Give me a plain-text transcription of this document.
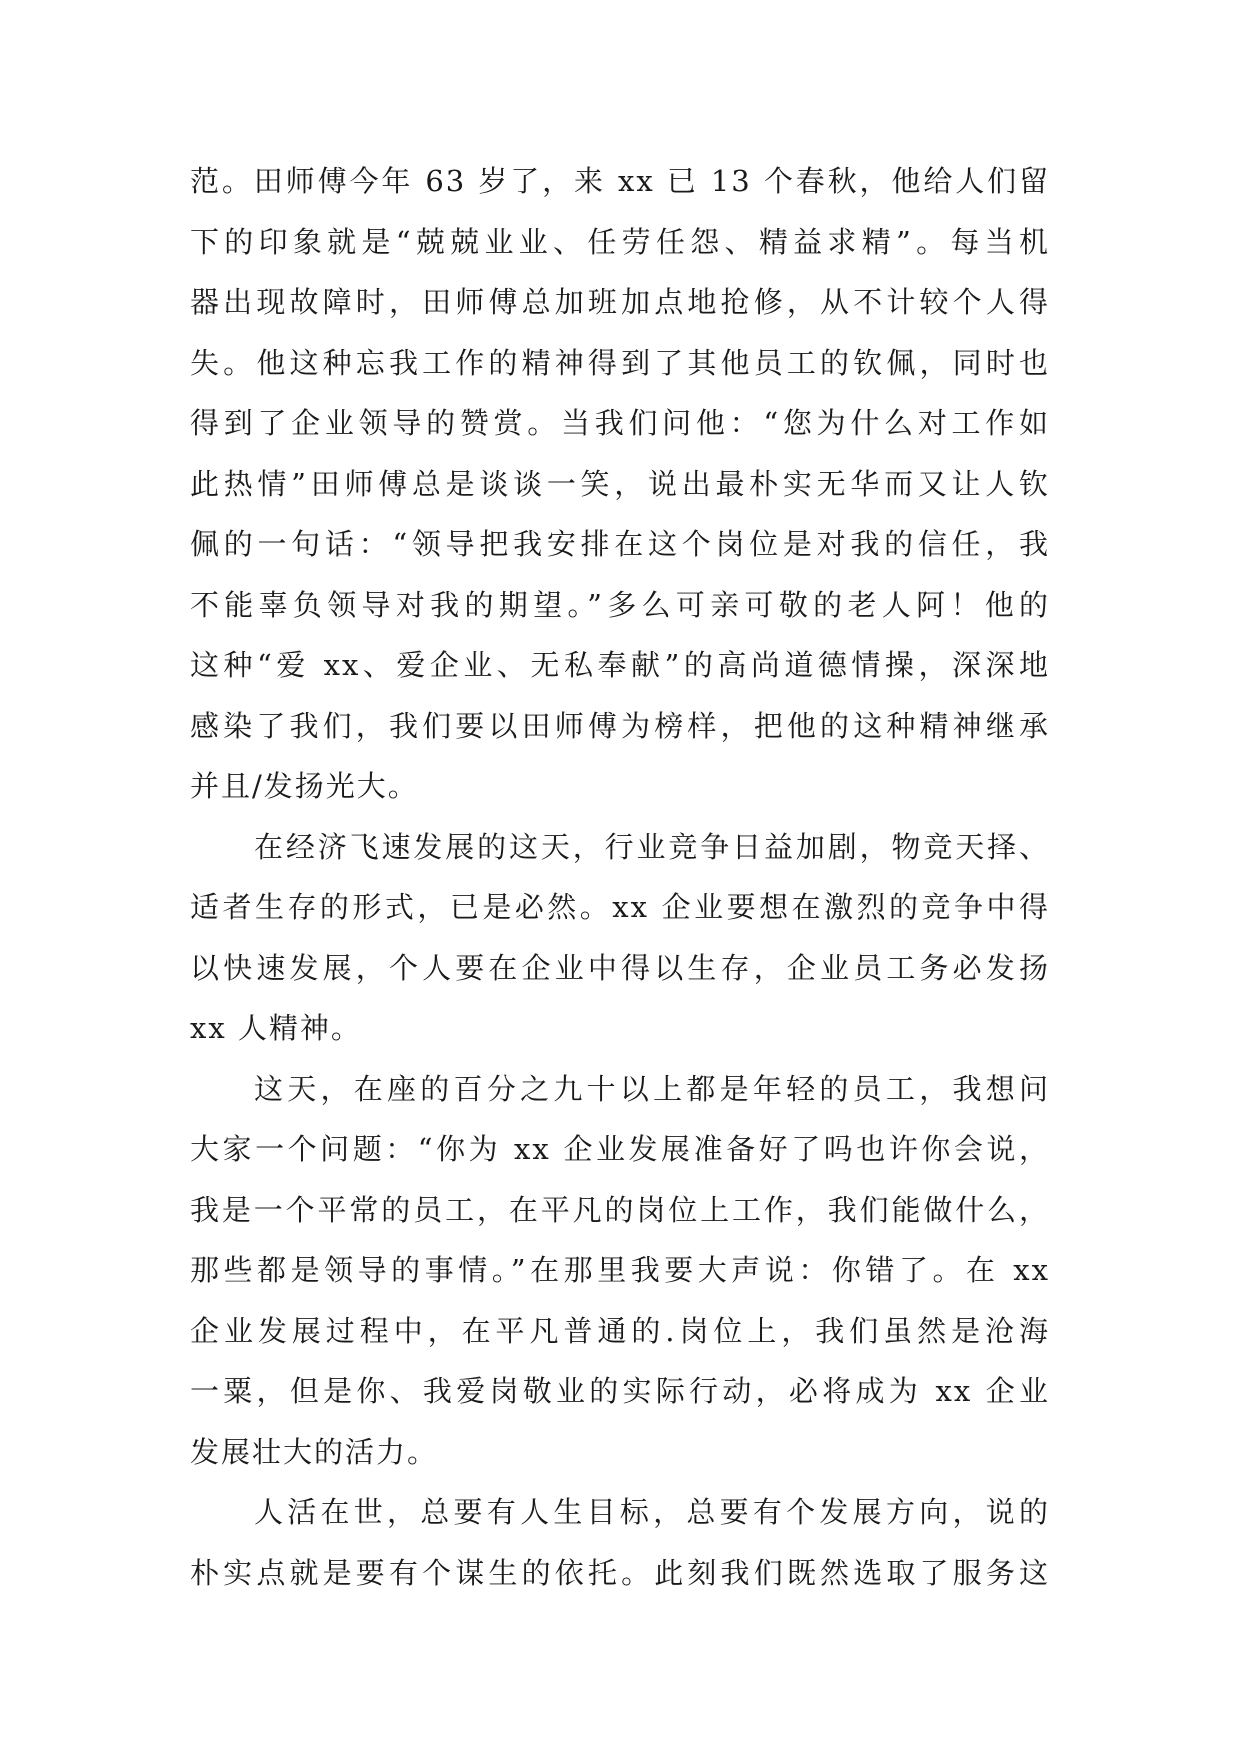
范。田师傅今年 63 岁了，来 xx 已 13 个春秋，他给人们留
下的印象就是“兢兢业业、任劳任怨、精益求精”。每当机
器出现故障时，田师傅总加班加点地抢修，从不计较个人得
失。他这种忘我工作的精神得到了其他员工的钦佩，同时也
得到了企业领导的赞赏。当我们问他：“您为什么对工作如
此热情”田师傅总是谈谈一笑，说出最朴实无华而又让人钦
佩的一句话：“领导把我安排在这个岗位是对我的信任，我
不能辜负领导对我的期望。”多么可亲可敬的老人阿！他的
这种“爱 xx、爱企业、无私奉献”的高尚道德情操，深深地
感染了我们，我们要以田师傅为榜样，把他的这种精神继承
并且/发扬光大。
在经济飞速发展的这天，行业竞争日益加剧，物竞天择、
适者生存的形式，已是必然。xx 企业要想在激烈的竞争中得
以快速发展，个人要在企业中得以生存，企业员工务必发扬
xx 人精神。
这天，在座的百分之九十以上都是年轻的员工，我想问
大家一个问题：“你为 xx 企业发展准备好了吗也许你会说，
我是一个平常的员工，在平凡的岗位上工作，我们能做什么，
那些都是领导的事情。”在那里我要大声说：你错了。在 xx
企业发展过程中，在平凡普通的.岗位上，我们虽然是沧海
一粟，但是你、我爱岗敬业的实际行动，必将成为 xx 企业
发展壮大的活力。
人活在世，总要有人生目标，总要有个发展方向，说的
朴实点就是要有个谋生的依托。此刻我们既然选取了服务这
